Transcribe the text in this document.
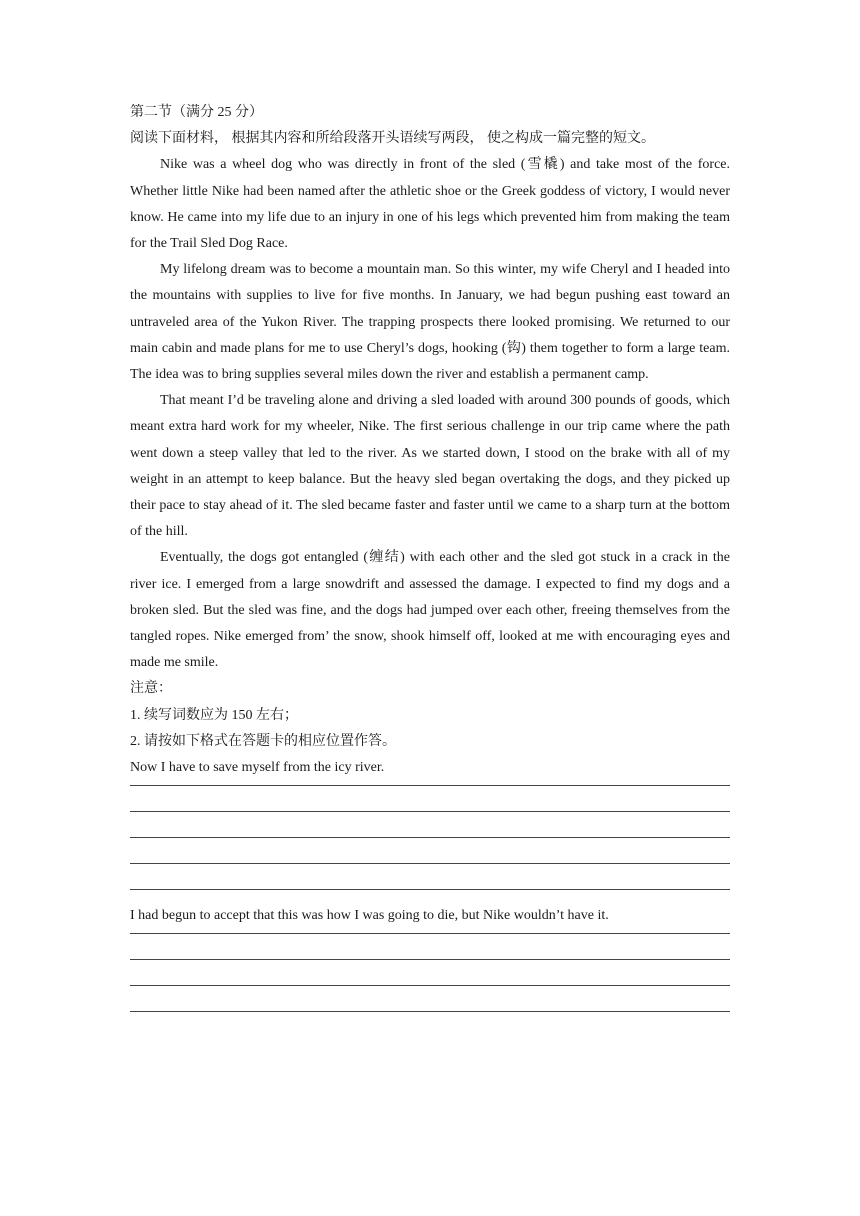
第二节（满分 25 分）

阅读下面材料， 根据其内容和所给段落开头语续写两段， 使之构成一篇完整的短文。

Nike was a wheel dog who was directly in front of the sled (雪橇) and take most of the force. Whether little Nike had been named after the athletic shoe or the Greek goddess of victory, I would never know. He came into my life due to an injury in one of his legs which prevented him from making the team for the Trail Sled Dog Race.

My lifelong dream was to become a mountain man. So this winter, my wife Cheryl and I headed into the mountains with supplies to live for five months. In January, we had begun pushing east toward an untraveled area of the Yukon River. The trapping prospects there looked promising. We returned to our main cabin and made plans for me to use Cheryl’s dogs, hooking (钩) them together to form a large team. The idea was to bring supplies several miles down the river and establish a permanent camp.

That meant I’d be traveling alone and driving a sled loaded with around 300 pounds of goods, which meant extra hard work for my wheeler, Nike. The first serious challenge in our trip came where the path went down a steep valley that led to the river. As we started down, I stood on the brake with all of my weight in an attempt to keep balance. But the heavy sled began overtaking the dogs, and they picked up their pace to stay ahead of it. The sled became faster and faster until we came to a sharp turn at the bottom of the hill.

Eventually, the dogs got entangled (缠结) with each other and the sled got stuck in a crack in the river ice. I emerged from a large snowdrift and assessed the damage. I expected to find my dogs and a broken sled. But the sled was fine, and the dogs had jumped over each other, freeing themselves from the tangled ropes. Nike emerged from’ the snow, shook himself off, looked at me with encouraging eyes and made me smile.

注意：

1. 续写词数应为 150 左右；

2. 请按如下格式在答题卡的相应位置作答。

Now I have to save myself from the icy river.

I had begun to accept that this was how I was going to die, but Nike wouldn’t have it.
